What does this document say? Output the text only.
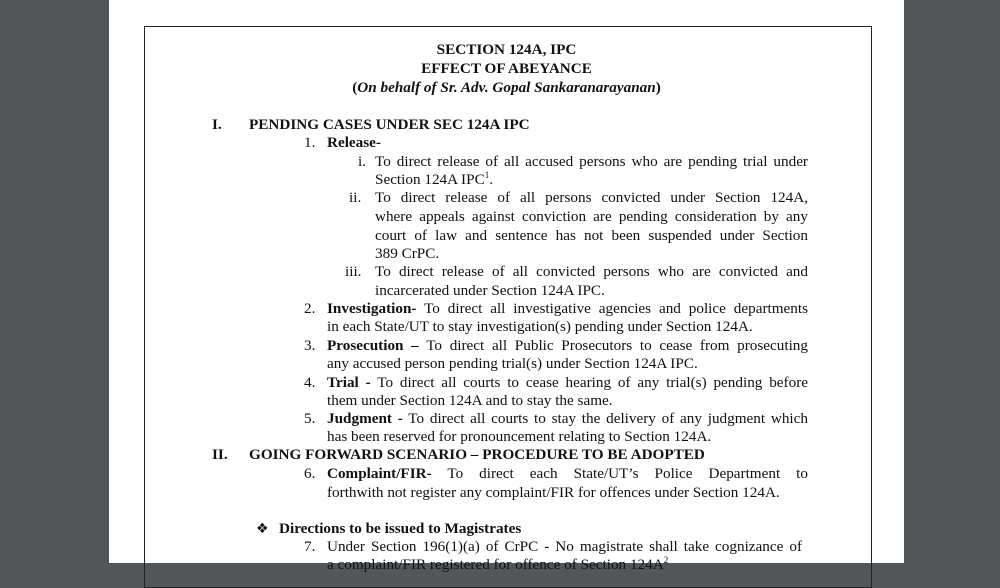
SECTION 124A, IPC
EFFECT OF ABEYANCE
(On behalf of Sr. Adv. Gopal Sankaranarayanan)
I. PENDING CASES UNDER SEC 124A IPC
1. Release-
i. To direct release of all accused persons who are pending trial under
Section 124A IPC$^1$.
ii. To direct release of all persons convicted under Section 124A,
where appeals against conviction are pending consideration by any
court of law and sentence has not been suspended under Section
389 CrPC.
iii. To direct release of all convicted persons who are convicted and
incarcerated under Section 124A IPC.
2. Investigation- To direct all investigative agencies and police departments
in each State/UT to stay investigation(s) pending under Section 124A.
3. Prosecution – To direct all Public Prosecutors to cease from prosecuting
any accused person pending trial(s) under Section 124A IPC.
4. Trial - To direct all courts to cease hearing of any trial(s) pending before
them under Section 124A and to stay the same.
5. Judgment - To direct all courts to stay the delivery of any judgment which
has been reserved for pronouncement relating to Section 124A.
II. GOING FORWARD SCENARIO – PROCEDURE TO BE ADOPTED
6. Complaint/FIR- To direct each State/UT’s Police Department to
forthwith not register any complaint/FIR for offences under Section 124A.
❖ Directions to be issued to Magistrates
7. Under Section 196(1)(a) of CrPC - No magistrate shall take cognizance of
a complaint/FIR registered for offence of Section $124A^2$
